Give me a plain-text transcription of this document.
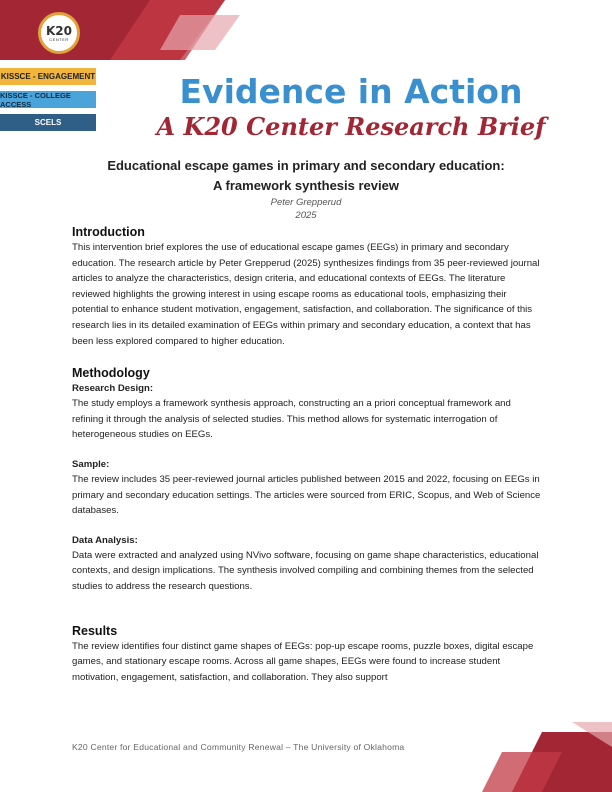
K20
CENTER
KISSCE - ENGAGEMENT
KISSCE - COLLEGE ACCESS
SCELS
Evidence in Action
A K20 Center Research Brief
Educational escape games in primary and secondary education:
A framework synthesis review
Peter Grepperud
2025
Introduction

This intervention brief explores the use of educational escape games (EEGs) in primary and secondary education. The research article by Peter Grepperud (2025) synthesizes findings from 35 peer-reviewed journal articles to analyze the characteristics, design criteria, and educational contexts of EEGs. The literature reviewed highlights the growing interest in using escape rooms as educational tools, emphasizing their potential to enhance student motivation, engagement, satisfaction, and collaboration. The significance of this research lies in its detailed examination of EEGs within primary and secondary education, a context that has been less explored compared to higher education.

Methodology
Research Design:

The study employs a framework synthesis approach, constructing an a priori conceptual framework and refining it through the analysis of selected studies. This method allows for systematic interrogation of heterogeneous studies on EEGs.

Sample:

The review includes 35 peer-reviewed journal articles published between 2015 and 2022, focusing on EEGs in primary and secondary education settings. The articles were sourced from ERIC, Scopus, and Web of Science databases.

Data Analysis:

Data were extracted and analyzed using NVivo software, focusing on game shape characteristics, educational contexts, and design implications. The synthesis involved compiling and combining themes from the selected studies to address the research questions.

Results

The review identifies four distinct game shapes of EEGs: pop-up escape rooms, puzzle boxes, digital escape games, and stationary escape rooms. Across all game shapes, EEGs were found to increase student motivation, engagement, satisfaction, and collaboration. They also support

K20 Center for Educational and Community Renewal – The University of Oklahoma
